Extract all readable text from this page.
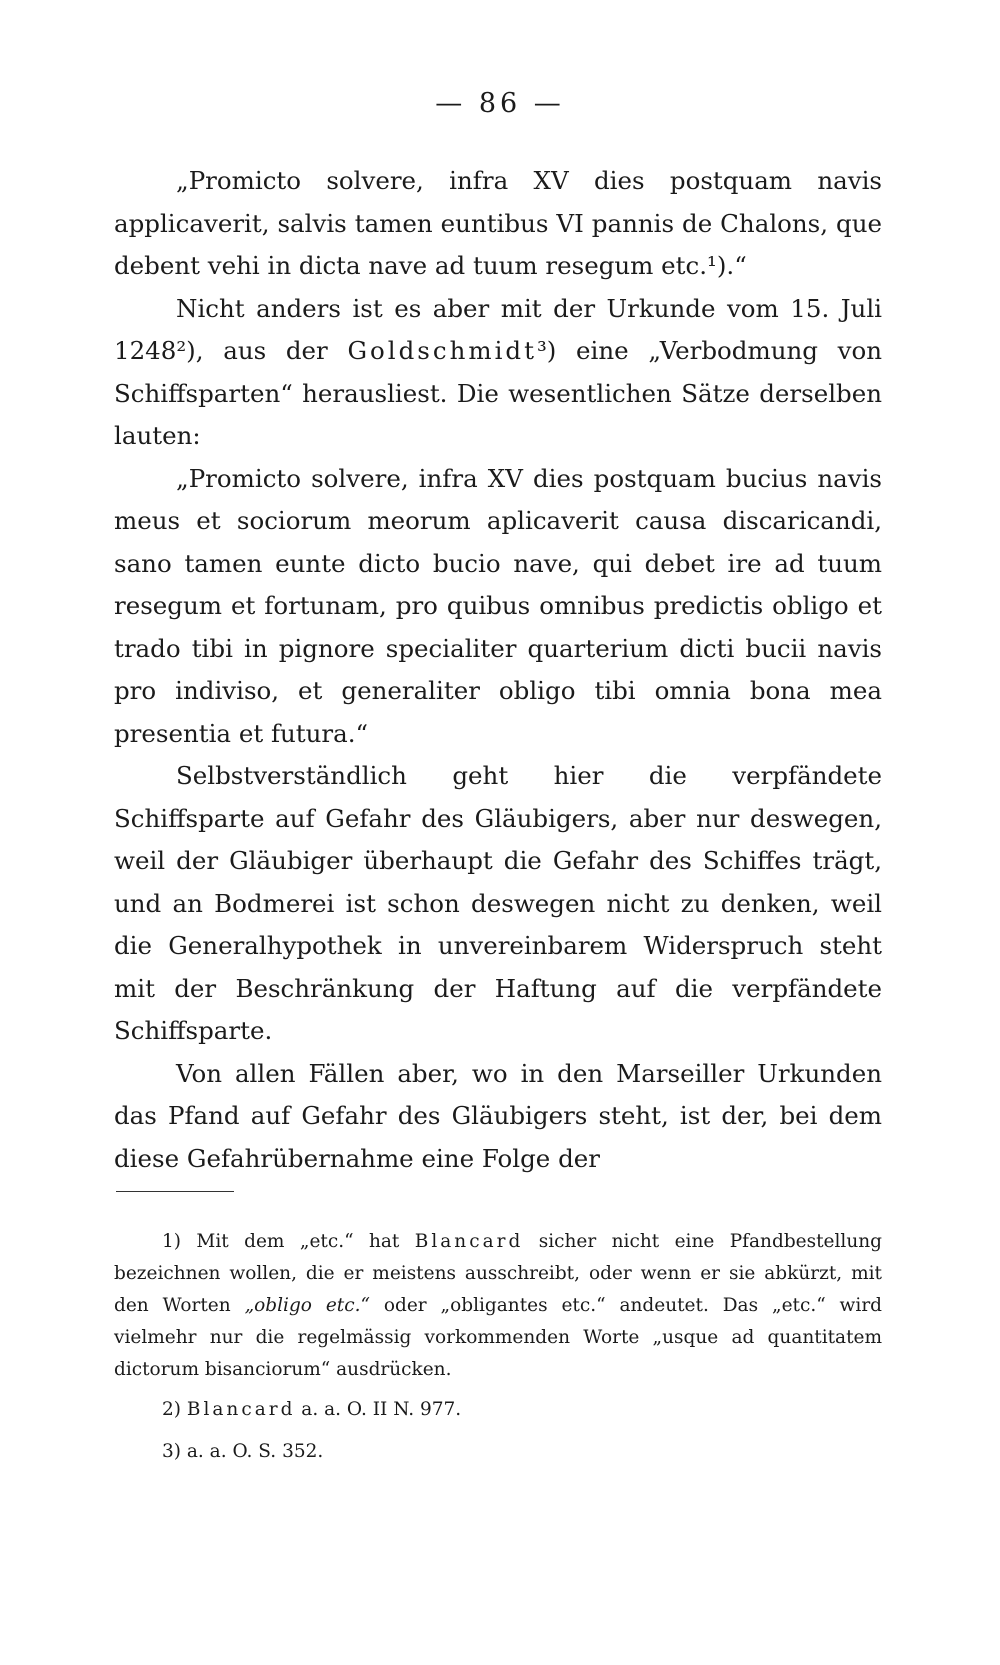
— 86 —

„Promicto solvere, infra XV dies postquam navis applicaverit, salvis tamen euntibus VI pannis de Chalons, que debent vehi in dicta nave ad tuum resegum etc.¹).“

Nicht anders ist es aber mit der Urkunde vom 15. Juli 1248²), aus der Goldschmidt³) eine „Verbodmung von Schiffsparten“ herausliest. Die wesentlichen Sätze derselben lauten:

„Promicto solvere, infra XV dies postquam bucius navis meus et sociorum meorum aplicaverit causa discaricandi, sano tamen eunte dicto bucio nave, qui debet ire ad tuum resegum et fortunam, pro quibus omnibus predictis obligo et trado tibi in pignore specialiter quarterium dicti bucii navis pro indiviso, et generaliter obligo tibi omnia bona mea presentia et futura.“

Selbstverständlich geht hier die verpfändete Schiffsparte auf Gefahr des Gläubigers, aber nur deswegen, weil der Gläubiger überhaupt die Gefahr des Schiffes trägt, und an Bodmerei ist schon deswegen nicht zu denken, weil die Generalhypothek in unvereinbarem Widerspruch steht mit der Beschränkung der Haftung auf die verpfändete Schiffsparte.

Von allen Fällen aber, wo in den Marseiller Urkunden das Pfand auf Gefahr des Gläubigers steht, ist der, bei dem diese Gefahrübernahme eine Folge der

1) Mit dem „etc.“ hat Blancard sicher nicht eine Pfandbestellung bezeichnen wollen, die er meistens ausschreibt, oder wenn er sie abkürzt, mit den Worten „obligo etc.“ oder „obligantes etc.“ andeutet. Das „etc.“ wird vielmehr nur die regelmässig vorkommenden Worte „usque ad quantitatem dictorum bisanciorum“ ausdrücken.

2) Blancard a. a. O. II N. 977.

3) a. a. O. S. 352.
